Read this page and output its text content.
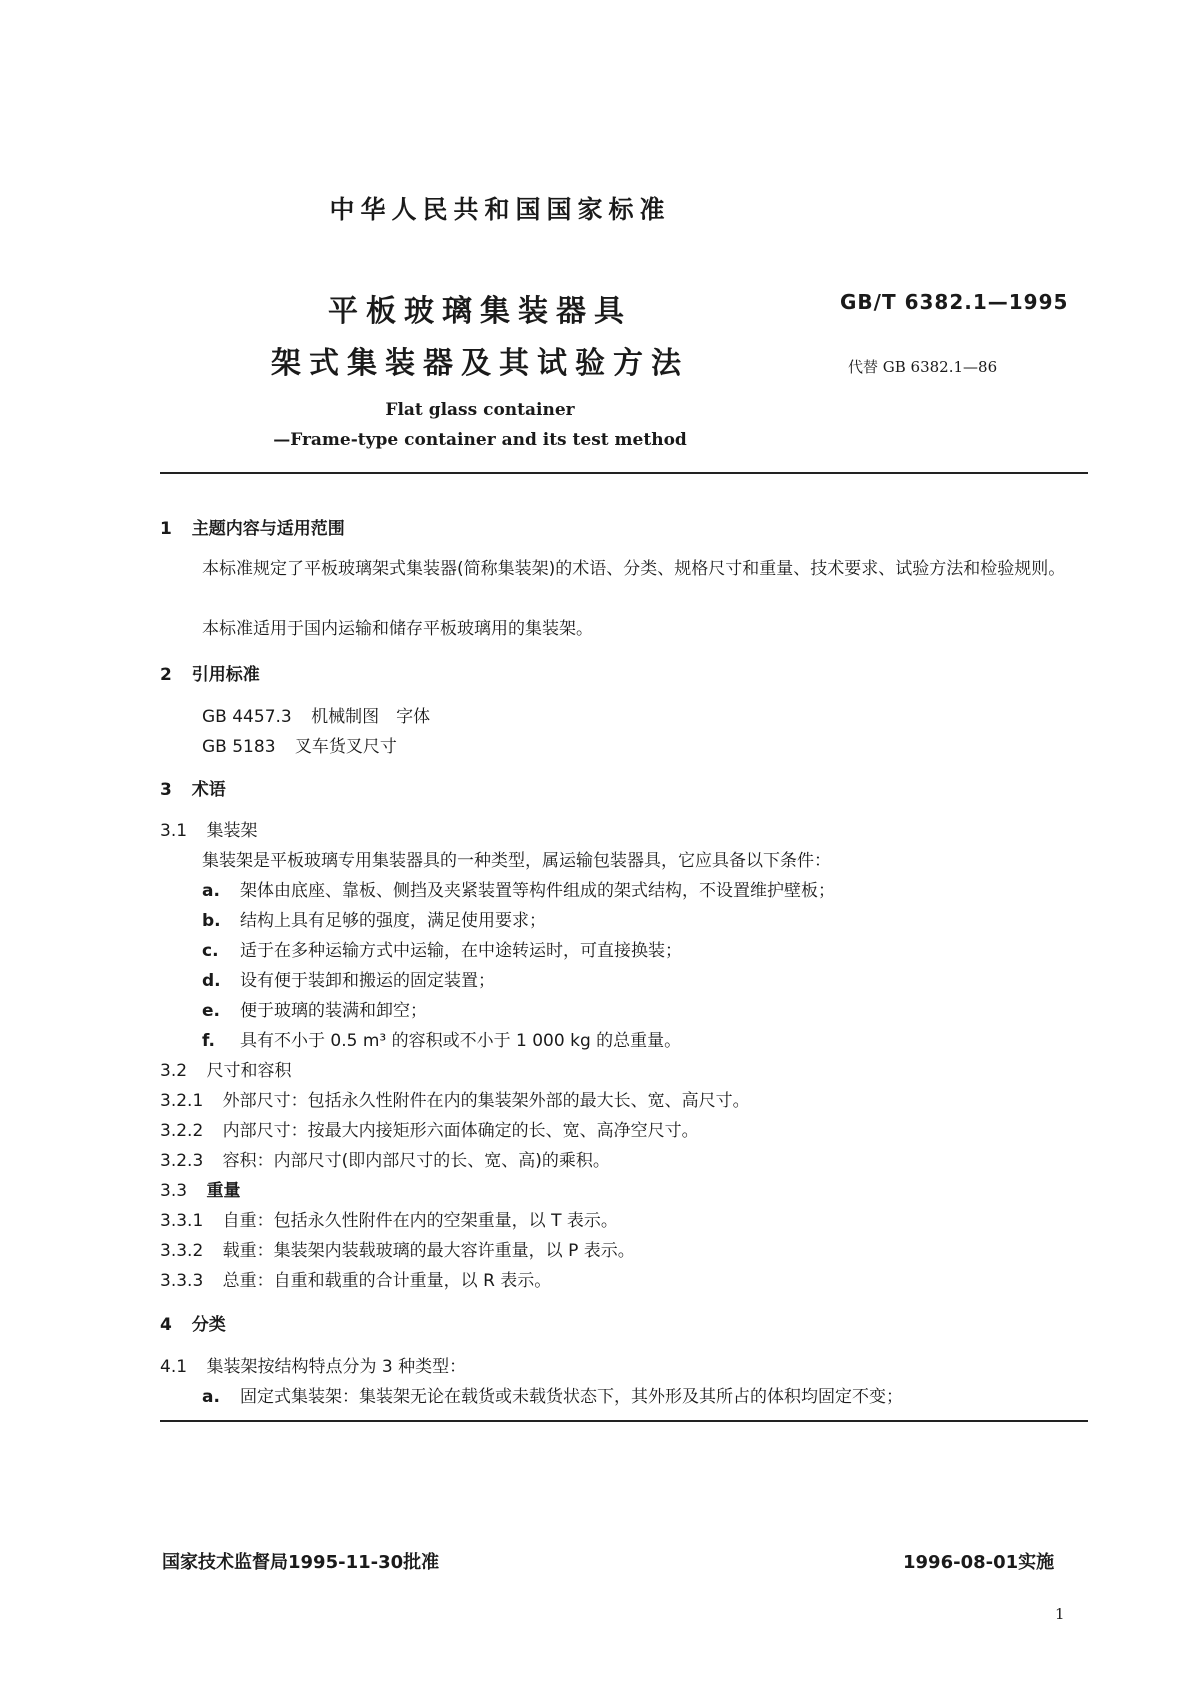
中华人民共和国国家标准
平板玻璃集装器具
架式集装器及其试验方法
GB/T 6382.1—1995
代替 GB 6382.1—86
Flat glass container
—Frame-type container and its test method
1 主题内容与适用范围
本标准规定了平板玻璃架式集装器(简称集装架)的术语、分类、规格尺寸和重量、技术要求、试验方法和检验规则。
本标准适用于国内运输和储存平板玻璃用的集装架。
2 引用标准
GB 4457.3 机械制图　字体
GB 5183 叉车货叉尺寸
3 术语
3.1 集装架
集装架是平板玻璃专用集装器具的一种类型，属运输包装器具，它应具备以下条件：
a. 架体由底座、靠板、侧挡及夹紧装置等构件组成的架式结构，不设置维护壁板；
b. 结构上具有足够的强度，满足使用要求；
c. 适于在多种运输方式中运输，在中途转运时，可直接换装；
d. 设有便于装卸和搬运的固定装置；
e. 便于玻璃的装满和卸空；
f. 具有不小于 0.5 m³ 的容积或不小于 1 000 kg 的总重量。
3.2 尺寸和容积
3.2.1 外部尺寸：包括永久性附件在内的集装架外部的最大长、宽、高尺寸。
3.2.2 内部尺寸：按最大内接矩形六面体确定的长、宽、高净空尺寸。
3.2.3 容积：内部尺寸(即内部尺寸的长、宽、高)的乘积。
3.3 重量
3.3.1 自重：包括永久性附件在内的空架重量，以 T 表示。
3.3.2 载重：集装架内装载玻璃的最大容许重量，以 P 表示。
3.3.3 总重：自重和载重的合计重量，以 R 表示。
4 分类
4.1 集装架按结构特点分为 3 种类型：
a. 固定式集装架：集装架无论在载货或未载货状态下，其外形及其所占的体积均固定不变；
国家技术监督局1995-11-30批准	1996-08-01实施
1
